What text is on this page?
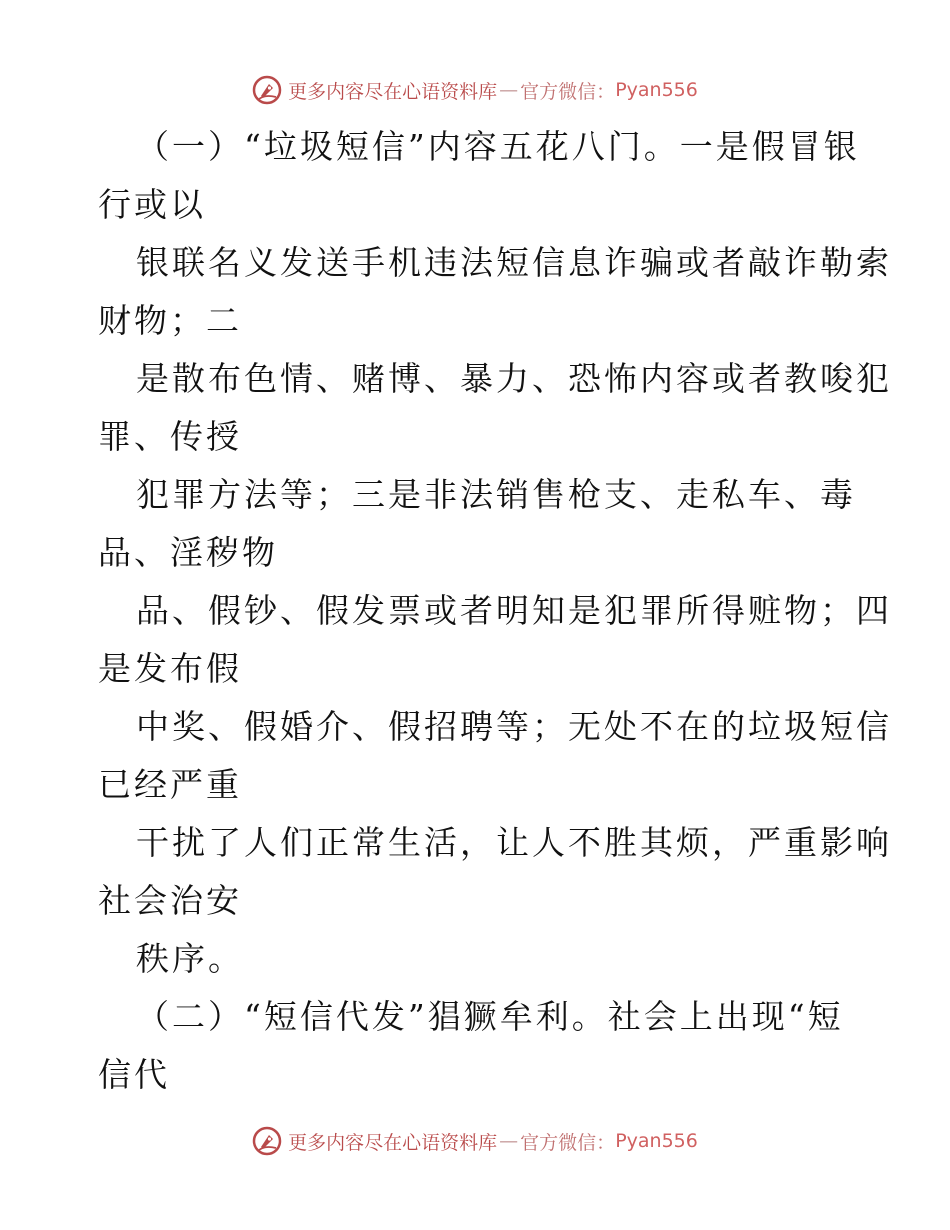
更多内容尽在心语资料库 — 官方微信： Pyan556
（一）“垃圾短信”内容五花八门。一是假冒银
行或以
银联名义发送手机违法短信息诈骗或者敲诈勒索
财物；二
是散布色情、赌博、暴力、恐怖内容或者教唆犯
罪、传授
犯罪方法等；三是非法销售枪支、走私车、毒
品、淫秽物
品、假钞、假发票或者明知是犯罪所得赃物；四
是发布假
中奖、假婚介、假招聘等；无处不在的垃圾短信
已经严重
干扰了人们正常生活，让人不胜其烦，严重影响
社会治安
秩序。
（二）“短信代发”猖獗牟利。社会上出现“短
信代
更多内容尽在心语资料库 — 官方微信： Pyan556
